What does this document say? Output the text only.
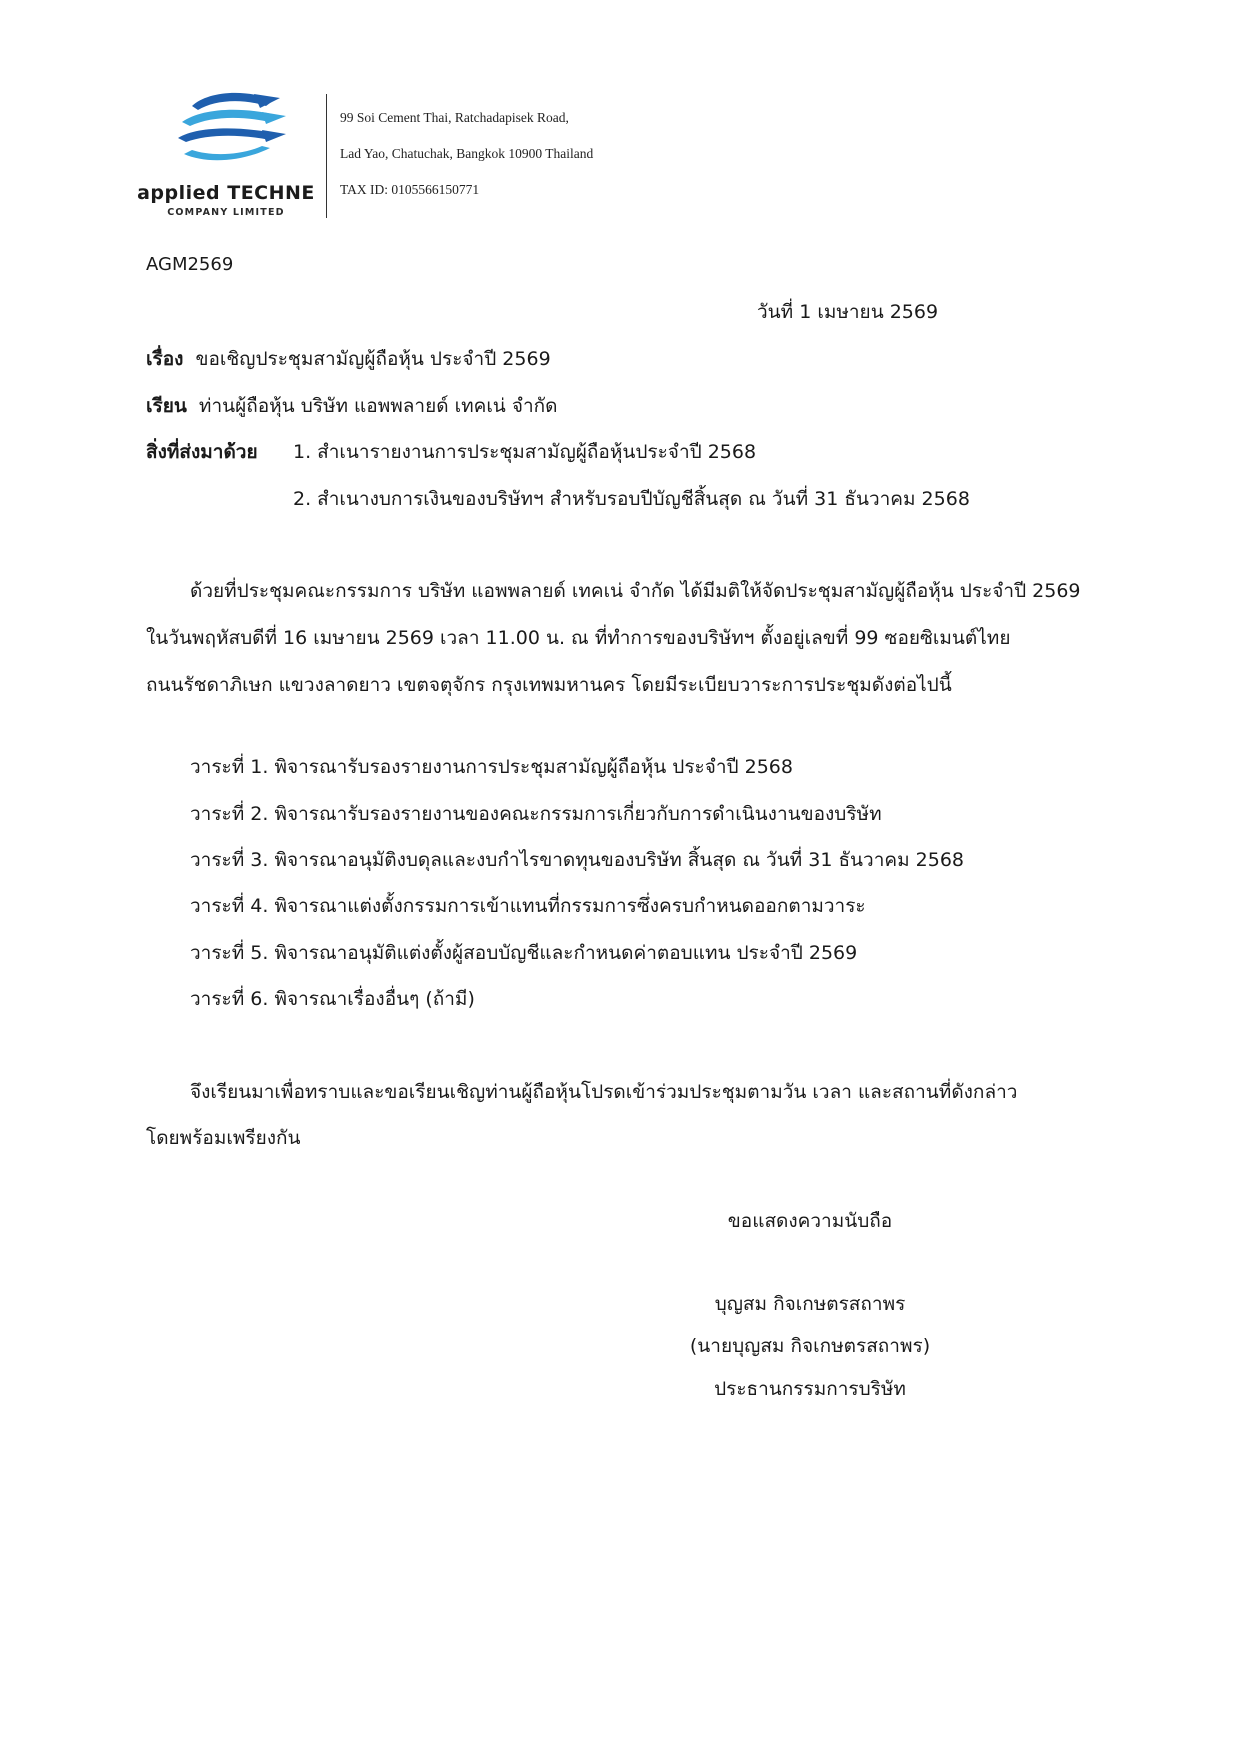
applied TECHNE
COMPANY LIMITED
99 Soi Cement Thai, Ratchadapisek Road,
Lad Yao, Chatuchak, Bangkok 10900 Thailand
TAX ID: 0105566150771
AGM2569
วันที่ 1 เมษายน 2569
เรื่อง ขอเชิญประชุมสามัญผู้ถือหุ้น ประจำปี 2569
เรียน ท่านผู้ถือหุ้น บริษัท แอพพลายด์ เทคเน่ จำกัด
สิ่งที่ส่งมาด้วย 1. สำเนารายงานการประชุมสามัญผู้ถือหุ้นประจำปี 2568
2. สำเนางบการเงินของบริษัทฯ สำหรับรอบปีบัญชีสิ้นสุด ณ วันที่ 31 ธันวาคม 2568
ด้วยที่ประชุมคณะกรรมการ บริษัท แอพพลายด์ เทคเน่ จำกัด ได้มีมติให้จัดประชุมสามัญผู้ถือหุ้น ประจำปี 2569
ในวันพฤหัสบดีที่ 16 เมษายน 2569 เวลา 11.00 น. ณ ที่ทำการของบริษัทฯ ตั้งอยู่เลขที่ 99 ซอยซิเมนต์ไทย
ถนนรัชดาภิเษก แขวงลาดยาว เขตจตุจักร กรุงเทพมหานคร โดยมีระเบียบวาระการประชุมดังต่อไปนี้
วาระที่ 1. พิจารณารับรองรายงานการประชุมสามัญผู้ถือหุ้น ประจำปี 2568
วาระที่ 2. พิจารณารับรองรายงานของคณะกรรมการเกี่ยวกับการดำเนินงานของบริษัท
วาระที่ 3. พิจารณาอนุมัติงบดุลและงบกำไรขาดทุนของบริษัท สิ้นสุด ณ วันที่ 31 ธันวาคม 2568
วาระที่ 4. พิจารณาแต่งตั้งกรรมการเข้าแทนที่กรรมการซึ่งครบกำหนดออกตามวาระ
วาระที่ 5. พิจารณาอนุมัติแต่งตั้งผู้สอบบัญชีและกำหนดค่าตอบแทน ประจำปี 2569
วาระที่ 6. พิจารณาเรื่องอื่นๆ (ถ้ามี)
จึงเรียนมาเพื่อทราบและขอเรียนเชิญท่านผู้ถือหุ้นโปรดเข้าร่วมประชุมตามวัน เวลา และสถานที่ดังกล่าว
โดยพร้อมเพรียงกัน
ขอแสดงความนับถือ
บุญสม กิจเกษตรสถาพร
(นายบุญสม กิจเกษตรสถาพร)
ประธานกรรมการบริษัท
